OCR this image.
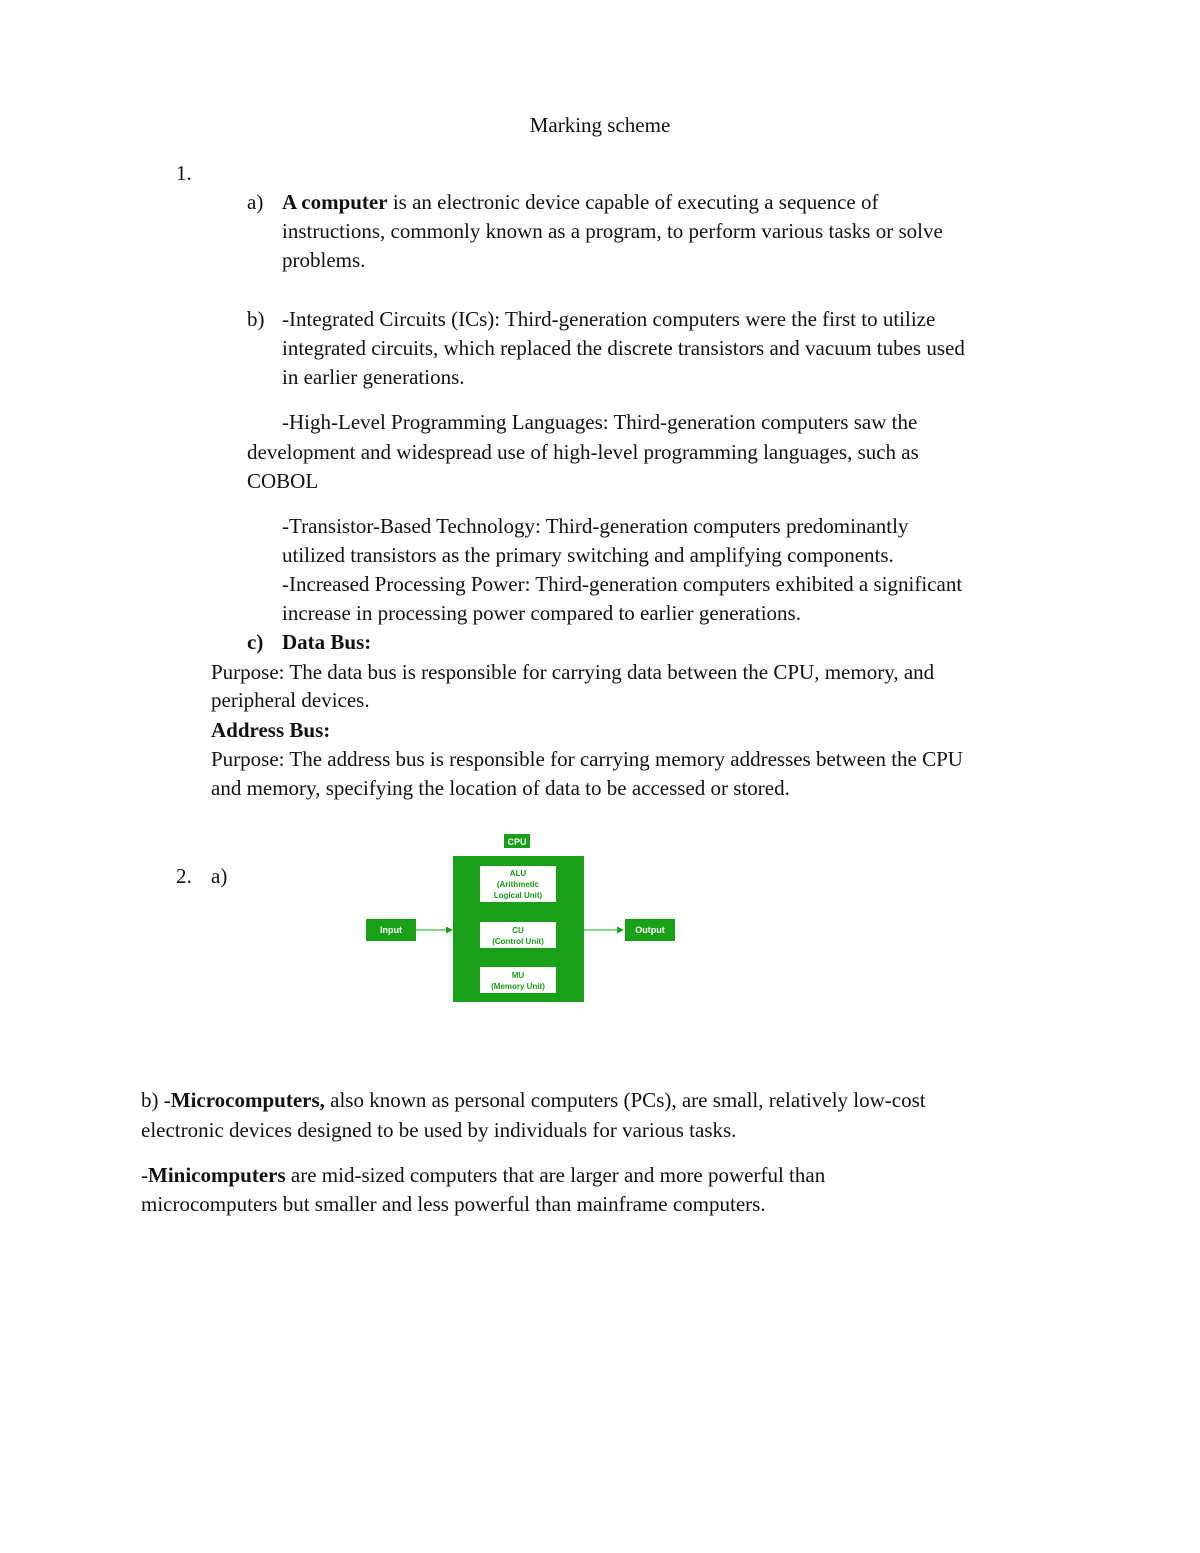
Marking scheme
1.
a) A computer is an electronic device capable of executing a sequence of
instructions, commonly known as a program, to perform various tasks or solve
problems.
b) -Integrated Circuits (ICs): Third-generation computers were the first to utilize
integrated circuits, which replaced the discrete transistors and vacuum tubes used
in earlier generations.
-High-Level Programming Languages: Third-generation computers saw the
development and widespread use of high-level programming languages, such as
COBOL
-Transistor-Based Technology: Third-generation computers predominantly
utilized transistors as the primary switching and amplifying components.
-Increased Processing Power: Third-generation computers exhibited a significant
increase in processing power compared to earlier generations.
c) Data Bus:
Purpose: The data bus is responsible for carrying data between the CPU, memory, and
peripheral devices.
Address Bus:
Purpose: The address bus is responsible for carrying memory addresses between the CPU
and memory, specifying the location of data to be accessed or stored.
2. a)
CPU
ALU
(Arithmetic
Logical Unit)
CU
(Control Unit)
MU
(Memory Unit)
Input	Output
b) -Microcomputers, also known as personal computers (PCs), are small, relatively low-cost
electronic devices designed to be used by individuals for various tasks.
-Minicomputers are mid-sized computers that are larger and more powerful than
microcomputers but smaller and less powerful than mainframe computers.
